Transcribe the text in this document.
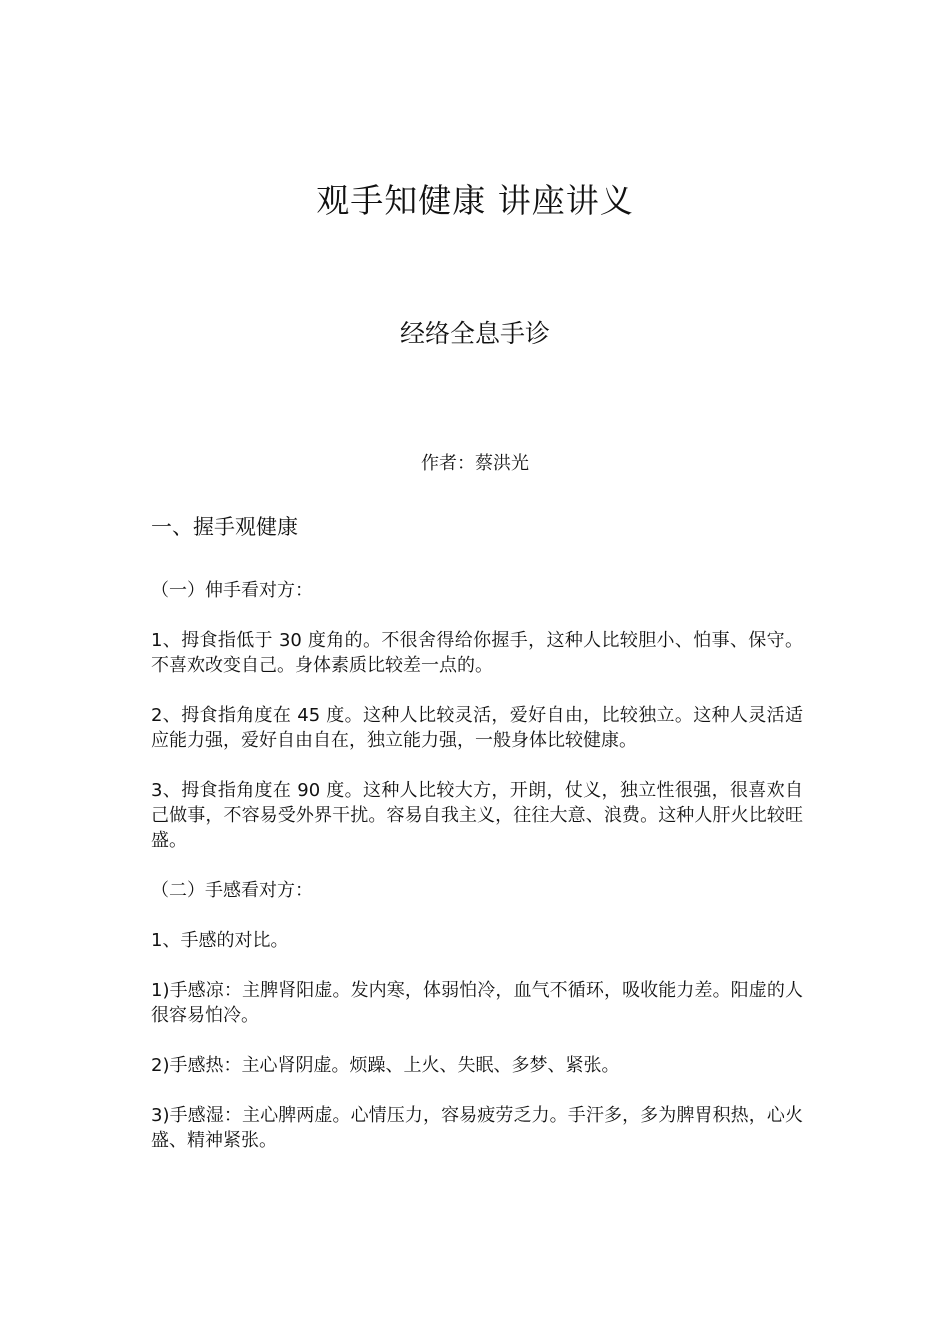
观手知健康 讲座讲义
经络全息手诊
作者：蔡洪光
一、握手观健康

（一）伸手看对方：

1、拇食指低于 30 度角的。不很舍得给你握手，这种人比较胆小、怕事、保守。不喜欢改变自己。身体素质比较差一点的。

2、拇食指角度在 45 度。这种人比较灵活，爱好自由，比较独立。这种人灵活适应能力强，爱好自由自在，独立能力强，一般身体比较健康。

3、拇食指角度在 90 度。这种人比较大方，开朗，仗义，独立性很强，很喜欢自己做事，不容易受外界干扰。容易自我主义，往往大意、浪费。这种人肝火比较旺盛。

（二）手感看对方：

1、手感的对比。

1)手感凉：主脾肾阳虚。发内寒，体弱怕冷，血气不循环，吸收能力差。阳虚的人很容易怕冷。

2)手感热：主心肾阴虚。烦躁、上火、失眠、多梦、紧张。

3)手感湿：主心脾两虚。心情压力，容易疲劳乏力。手汗多，多为脾胃积热，心火盛、精神紧张。
